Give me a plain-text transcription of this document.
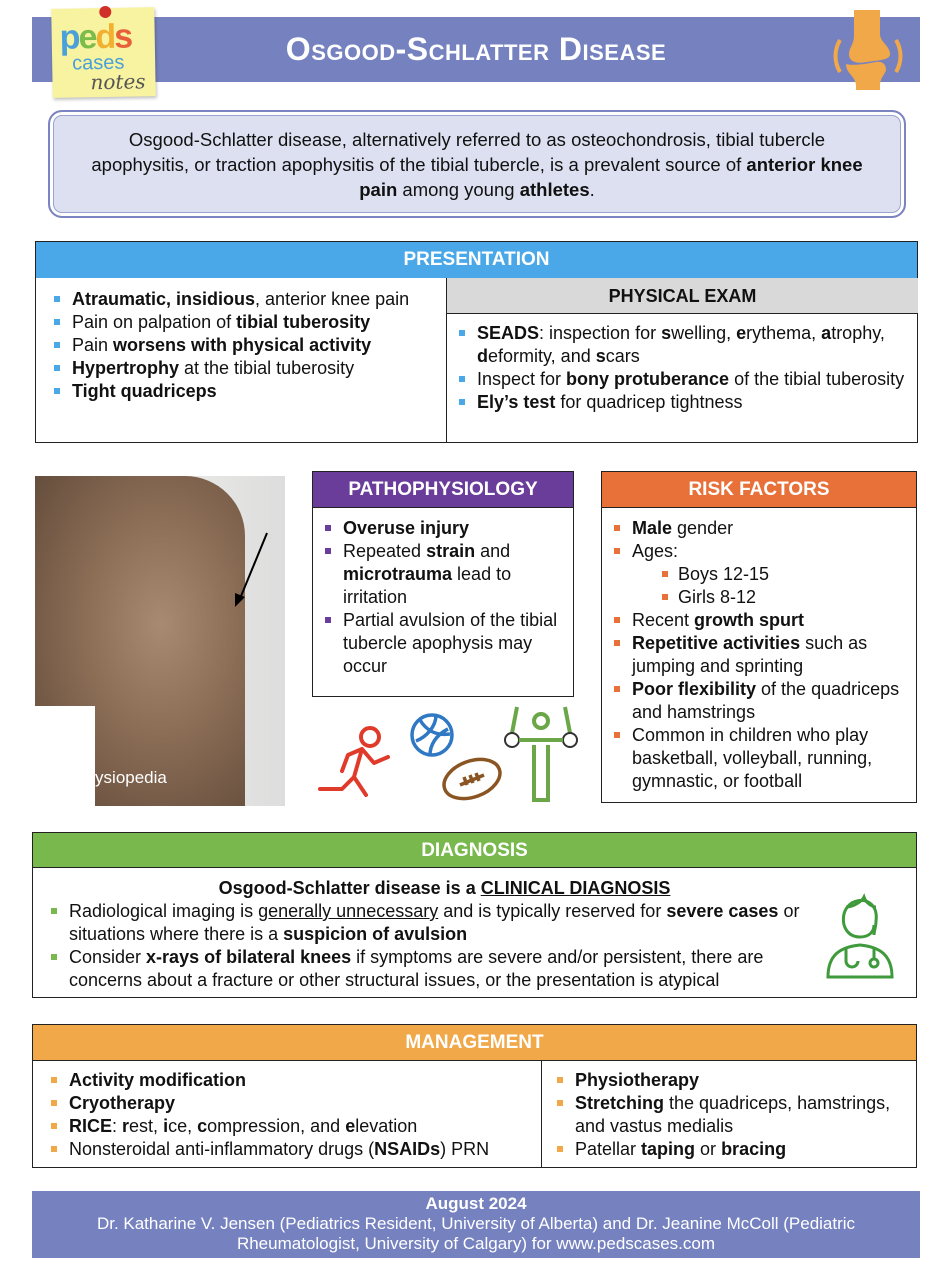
Osgood-Schlatter Disease
peds
cases
notes

Osgood-Schlatter disease, alternatively referred to as osteochondrosis, tibial tubercle apophysitis, or traction apophysitis of the tibial tubercle, is a prevalent source of anterior knee pain among young athletes.

PRESENTATION
Atraumatic, insidious, anterior knee pain
Pain on palpation of tibial tuberosity
Pain worsens with physical activity
Hypertrophy at the tibial tuberosity
Tight quadriceps
PHYSICAL EXAM
SEADS: inspection for swelling, erythema, atrophy, deformity, and scars
Inspect for bony protuberance of the tibial tuberosity
Ely’s test for quadricep tightness
© Physiopedia
PATHOPHYSIOLOGY
Overuse injury
Repeated strain and microtrauma lead to irritation
Partial avulsion of the tibial tubercle apophysis may occur
RISK FACTORS
Male gender
Ages:
Boys 12-15
Girls 8-12
Recent growth spurt
Repetitive activities such as jumping and sprinting
Poor flexibility of the quadriceps and hamstrings
Common in children who play basketball, volleyball, running, gymnastic, or football
DIAGNOSIS
Osgood-Schlatter disease is a CLINICAL DIAGNOSIS
Radiological imaging is generally unnecessary and is typically reserved for severe cases or situations where there is a suspicion of avulsion
Consider x-rays of bilateral knees if symptoms are severe and/or persistent, there are concerns about a fracture or other structural issues, or the presentation is atypical
MANAGEMENT
Activity modification
Cryotherapy
RICE: rest, ice, compression, and elevation
Nonsteroidal anti-inflammatory drugs (NSAIDs) PRN
Physiotherapy
Stretching the quadriceps, hamstrings, and vastus medialis
Patellar taping or bracing
August 2024
Dr. Katharine V. Jensen (Pediatrics Resident, University of Alberta) and Dr. Jeanine McColl (Pediatric Rheumatologist, University of Calgary) for www.pedscases.com
